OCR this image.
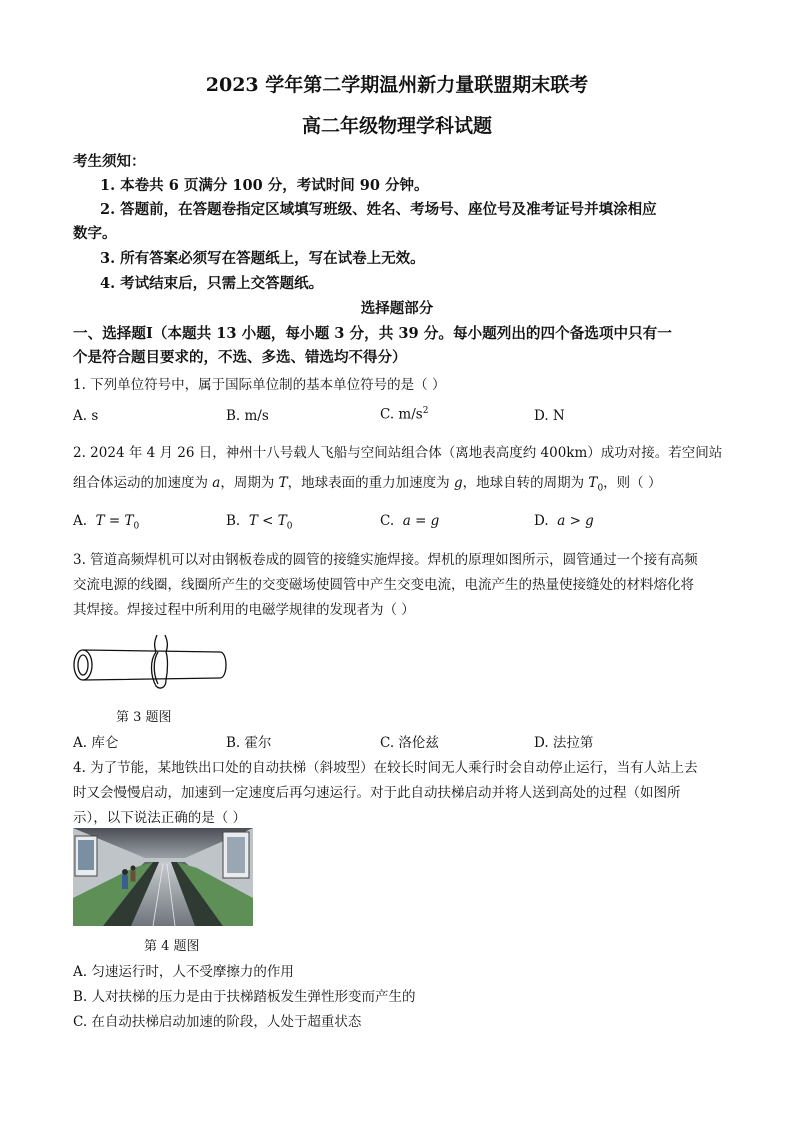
2023 学年第二学期温州新力量联盟期末联考
高二年级物理学科试题
考生须知：
1. 本卷共 6 页满分 100 分，考试时间 90 分钟。
2. 答题前，在答题卷指定区域填写班级、姓名、考场号、座位号及准考证号并填涂相应
数字。
3. 所有答案必须写在答题纸上，写在试卷上无效。
4. 考试结束后，只需上交答题纸。
选择题部分
一、选择题Ⅰ（本题共 13 小题，每小题 3 分，共 39 分。每小题列出的四个备选项中只有一
个是符合题目要求的，不选、多选、错选均不得分）
1. 下列单位符号中，属于国际单位制的基本单位符号的是（ ）
A. s	B. m/s	C. $m/s^2$	D. N
2. 2024 年 4 月 26 日，神州十八号载人飞船与空间站组合体（离地表高度约 400km）成功对接。若空间站
组合体运动的加速度为 a，周期为 T，地球表面的重力加速度为 g，地球自转的周期为 $T_0$，则（ ）
A. $T = T_0$	B. $T < T_0$	C. a = g	D. a > g
3. 管道高频焊机可以对由钢板卷成的圆管的接缝实施焊接。焊机的原理如图所示，圆管通过一个接有高频
交流电源的线圈，线圈所产生的交变磁场使圆管中产生交变电流，电流产生的热量使接缝处的材料熔化将
其焊接。焊接过程中所利用的电磁学规律的发现者为（ ）
第 3 题图
A. 库仑	B. 霍尔	C. 洛伦兹	D. 法拉第
4. 为了节能，某地铁出口处的自动扶梯（斜坡型）在较长时间无人乘行时会自动停止运行，当有人站上去
时又会慢慢启动，加速到一定速度后再匀速运行。对于此自动扶梯启动并将人送到高处的过程（如图所
示），以下说法正确的是（ ）
第 4 题图
A. 匀速运行时，人不受摩擦力的作用
B. 人对扶梯的压力是由于扶梯踏板发生弹性形变而产生的
C. 在自动扶梯启动加速的阶段，人处于超重状态
